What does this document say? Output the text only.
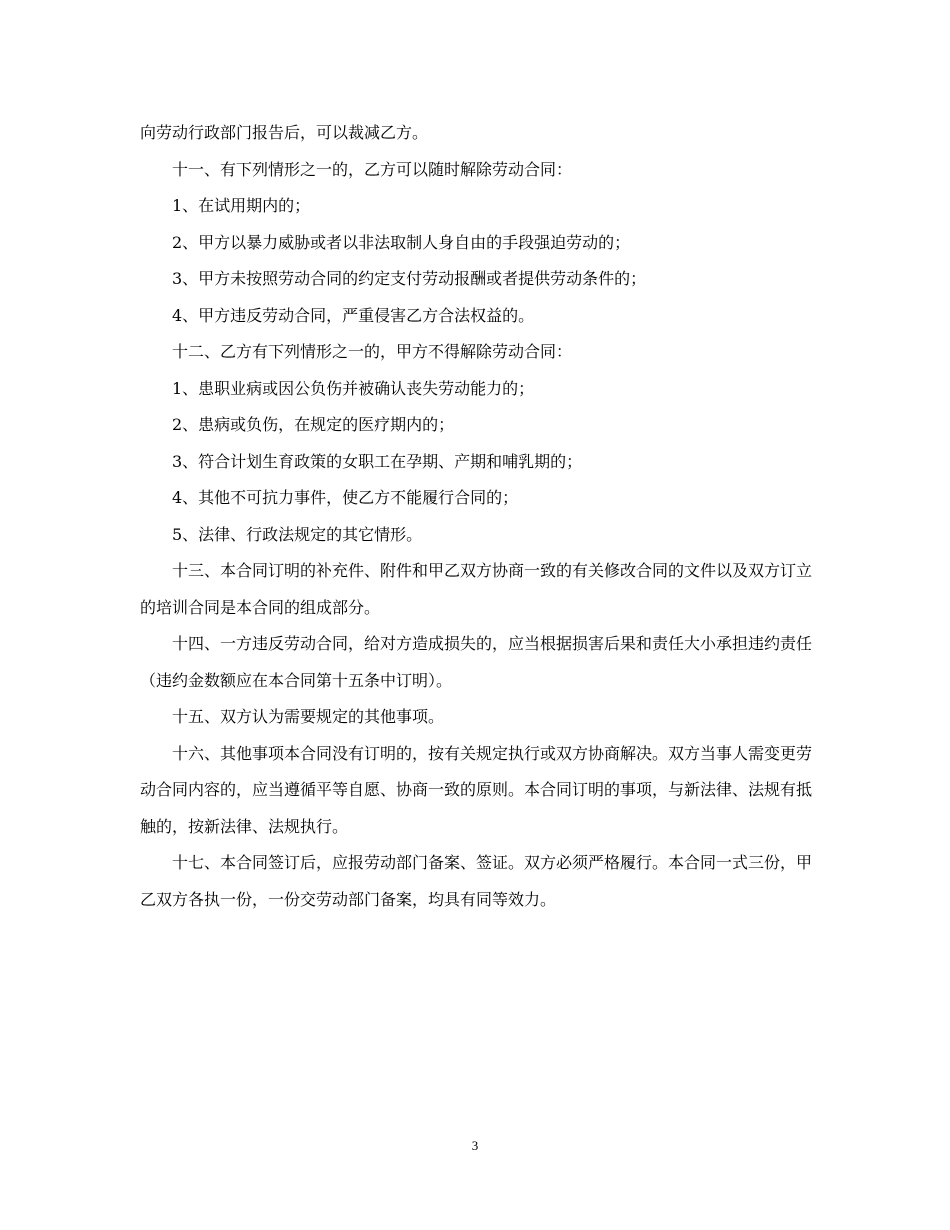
向劳动行政部门报告后，可以裁减乙方。

十一、有下列情形之一的，乙方可以随时解除劳动合同：

1、在试用期内的；

2、甲方以暴力威胁或者以非法取制人身自由的手段强迫劳动的；

3、甲方未按照劳动合同的约定支付劳动报酬或者提供劳动条件的；

4、甲方违反劳动合同，严重侵害乙方合法权益的。

十二、乙方有下列情形之一的，甲方不得解除劳动合同：

1、患职业病或因公负伤并被确认丧失劳动能力的；

2、患病或负伤，在规定的医疗期内的；

3、符合计划生育政策的女职工在孕期、产期和哺乳期的；

4、其他不可抗力事件，使乙方不能履行合同的；

5、法律、行政法规定的其它情形。

十三、本合同订明的补充件、附件和甲乙双方协商一致的有关修改合同的文件以及双方订立的培训合同是本合同的组成部分。

十四、一方违反劳动合同，给对方造成损失的，应当根据损害后果和责任大小承担违约责任（违约金数额应在本合同第十五条中订明）。

十五、双方认为需要规定的其他事项。

十六、其他事项本合同没有订明的，按有关规定执行或双方协商解决。双方当事人需变更劳动合同内容的，应当遵循平等自愿、协商一致的原则。本合同订明的事项，与新法律、法规有抵触的，按新法律、法规执行。

十七、本合同签订后，应报劳动部门备案、签证。双方必须严格履行。本合同一式三份，甲乙双方各执一份，一份交劳动部门备案，均具有同等效力。

3
